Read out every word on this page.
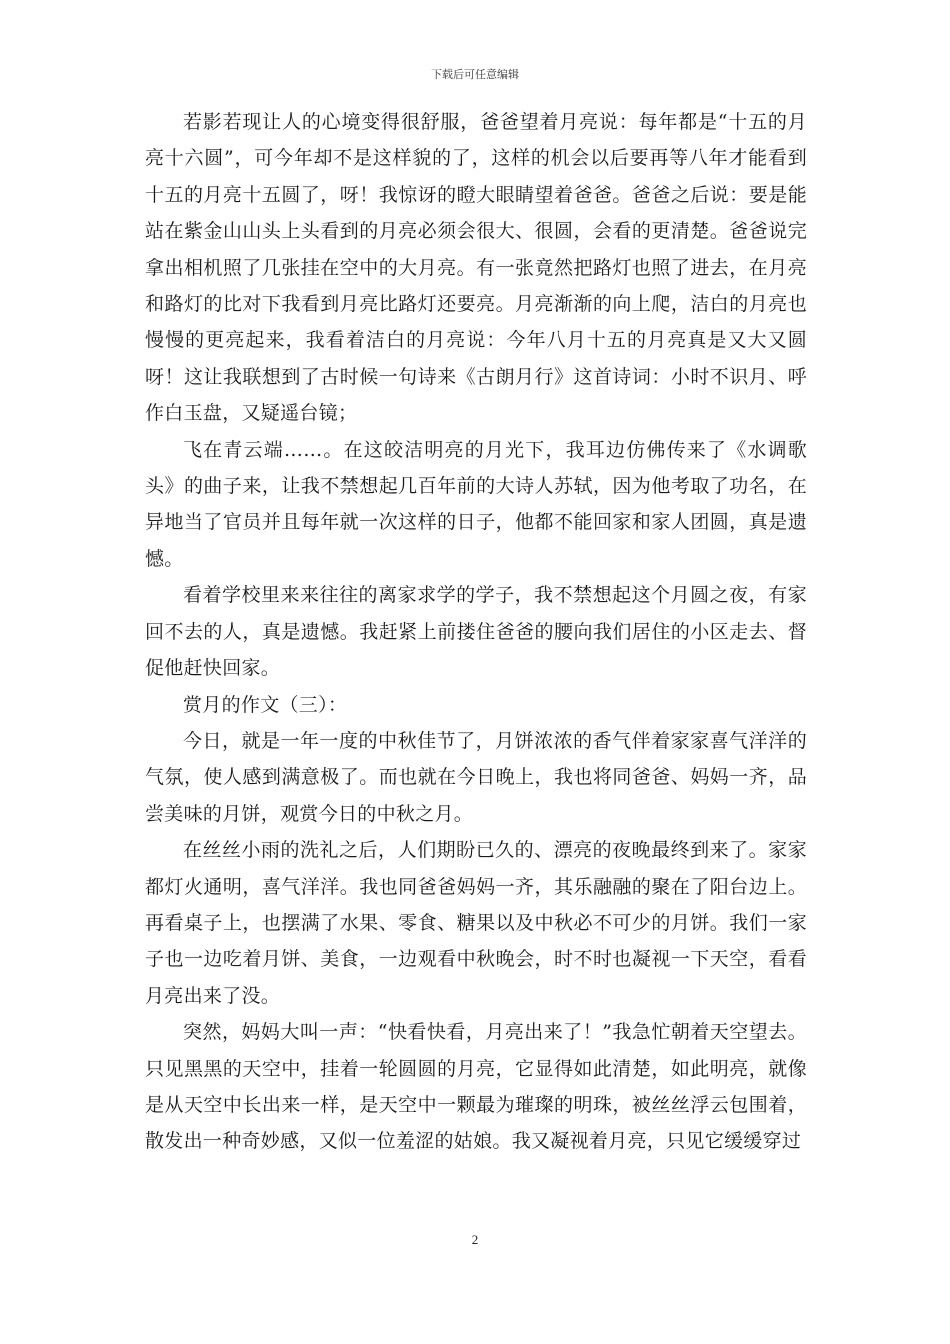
下载后可任意编辑

若影若现让人的心境变得很舒服，爸爸望着月亮说：每年都是“十五的月亮十六圆”，可今年却不是这样貌的了，这样的机会以后要再等八年才能看到十五的月亮十五圆了，呀！我惊讶的瞪大眼睛望着爸爸。爸爸之后说：要是能站在紫金山山头上头看到的月亮必须会很大、很圆，会看的更清楚。爸爸说完拿出相机照了几张挂在空中的大月亮。有一张竟然把路灯也照了进去，在月亮和路灯的比对下我看到月亮比路灯还要亮。月亮渐渐的向上爬，洁白的月亮也慢慢的更亮起来，我看着洁白的月亮说：今年八月十五的月亮真是又大又圆呀！这让我联想到了古时候一句诗来《古朗月行》这首诗词：小时不识月、呼作白玉盘，又疑遥台镜；

飞在青云端……。在这皎洁明亮的月光下，我耳边仿佛传来了《水调歌头》的曲子来，让我不禁想起几百年前的大诗人苏轼，因为他考取了功名，在异地当了官员并且每年就一次这样的日子，他都不能回家和家人团圆，真是遗憾。

看着学校里来来往往的离家求学的学子，我不禁想起这个月圆之夜，有家回不去的人，真是遗憾。我赶紧上前搂住爸爸的腰向我们居住的小区走去、督促他赶快回家。

赏月的作文（三）：

今日，就是一年一度的中秋佳节了，月饼浓浓的香气伴着家家喜气洋洋的气氛，使人感到满意极了。而也就在今日晚上，我也将同爸爸、妈妈一齐，品尝美味的月饼，观赏今日的中秋之月。

在丝丝小雨的洗礼之后，人们期盼已久的、漂亮的夜晚最终到来了。家家都灯火通明，喜气洋洋。我也同爸爸妈妈一齐，其乐融融的聚在了阳台边上。再看桌子上，也摆满了水果、零食、糖果以及中秋必不可少的月饼。我们一家子也一边吃着月饼、美食，一边观看中秋晚会，时不时也凝视一下天空，看看月亮出来了没。

突然，妈妈大叫一声：“快看快看，月亮出来了！”我急忙朝着天空望去。只见黑黑的天空中，挂着一轮圆圆的月亮，它显得如此清楚，如此明亮，就像是从天空中长出来一样，是天空中一颗最为璀璨的明珠，被丝丝浮云包围着，散发出一种奇妙感，又似一位羞涩的姑娘。我又凝视着月亮，只见它缓缓穿过

2
